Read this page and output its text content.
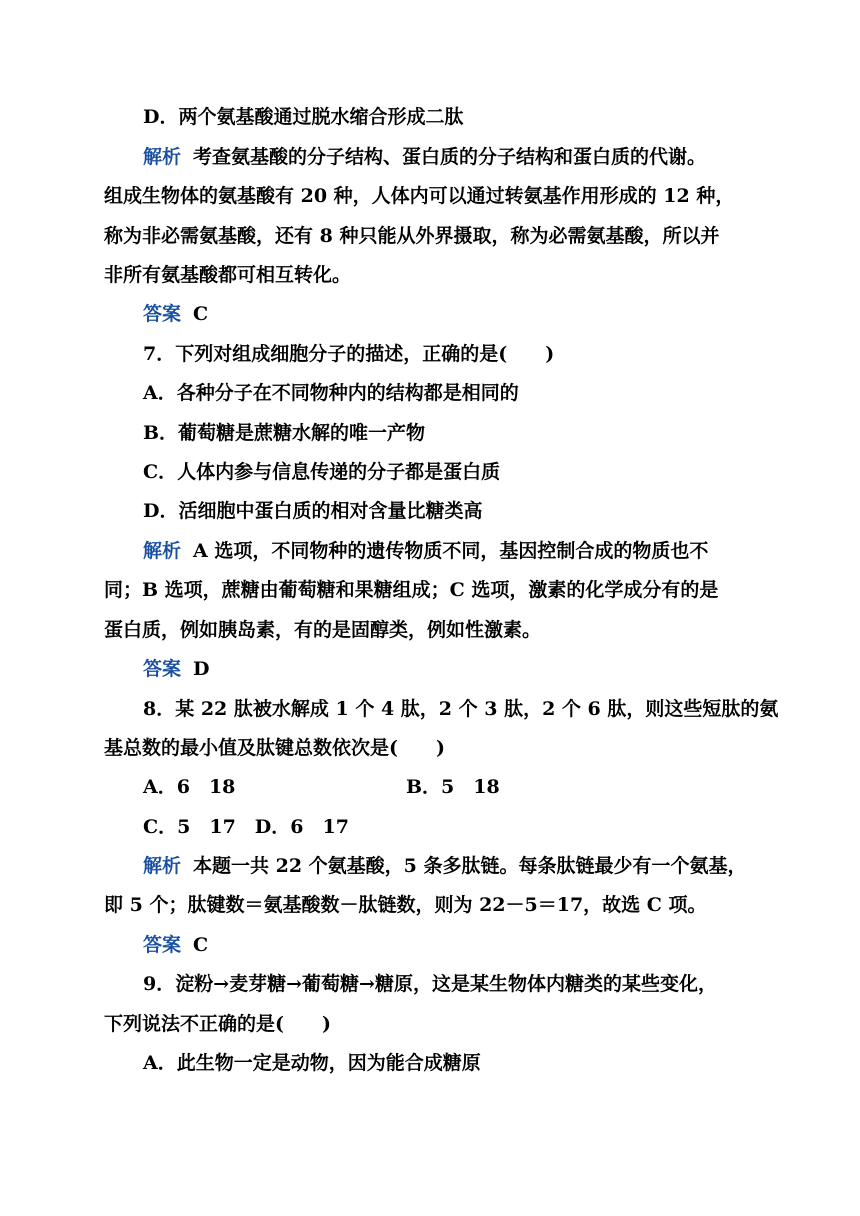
D．两个氨基酸通过脱水缩合形成二肽
解析 考查氨基酸的分子结构、蛋白质的分子结构和蛋白质的代谢。
组成生物体的氨基酸有 20 种，人体内可以通过转氨基作用形成的 12 种，
称为非必需氨基酸，还有 8 种只能从外界摄取，称为必需氨基酸，所以并
非所有氨基酸都可相互转化。
答案 C
7．下列对组成细胞分子的描述，正确的是(　　)
A．各种分子在不同物种内的结构都是相同的
B．葡萄糖是蔗糖水解的唯一产物
C．人体内参与信息传递的分子都是蛋白质
D．活细胞中蛋白质的相对含量比糖类高
解析 A 选项，不同物种的遗传物质不同，基因控制合成的物质也不
同；B 选项，蔗糖由葡萄糖和果糖组成；C 选项，激素的化学成分有的是
蛋白质，例如胰岛素，有的是固醇类，例如性激素。
答案 D
8．某 22 肽被水解成 1 个 4 肽，2 个 3 肽，2 个 6 肽，则这些短肽的氨
基总数的最小值及肽键总数依次是(　　)
A．6　18	B．5　18
C．5　17　D．6　17
解析 本题一共 22 个氨基酸，5 条多肽链。每条肽链最少有一个氨基，
即 5 个；肽键数＝氨基酸数－肽链数，则为 22－5＝17，故选 C 项。
答案 C
9．淀粉→麦芽糖→葡萄糖→糖原，这是某生物体内糖类的某些变化，
下列说法不正确的是(　　)
A．此生物一定是动物，因为能合成糖原
